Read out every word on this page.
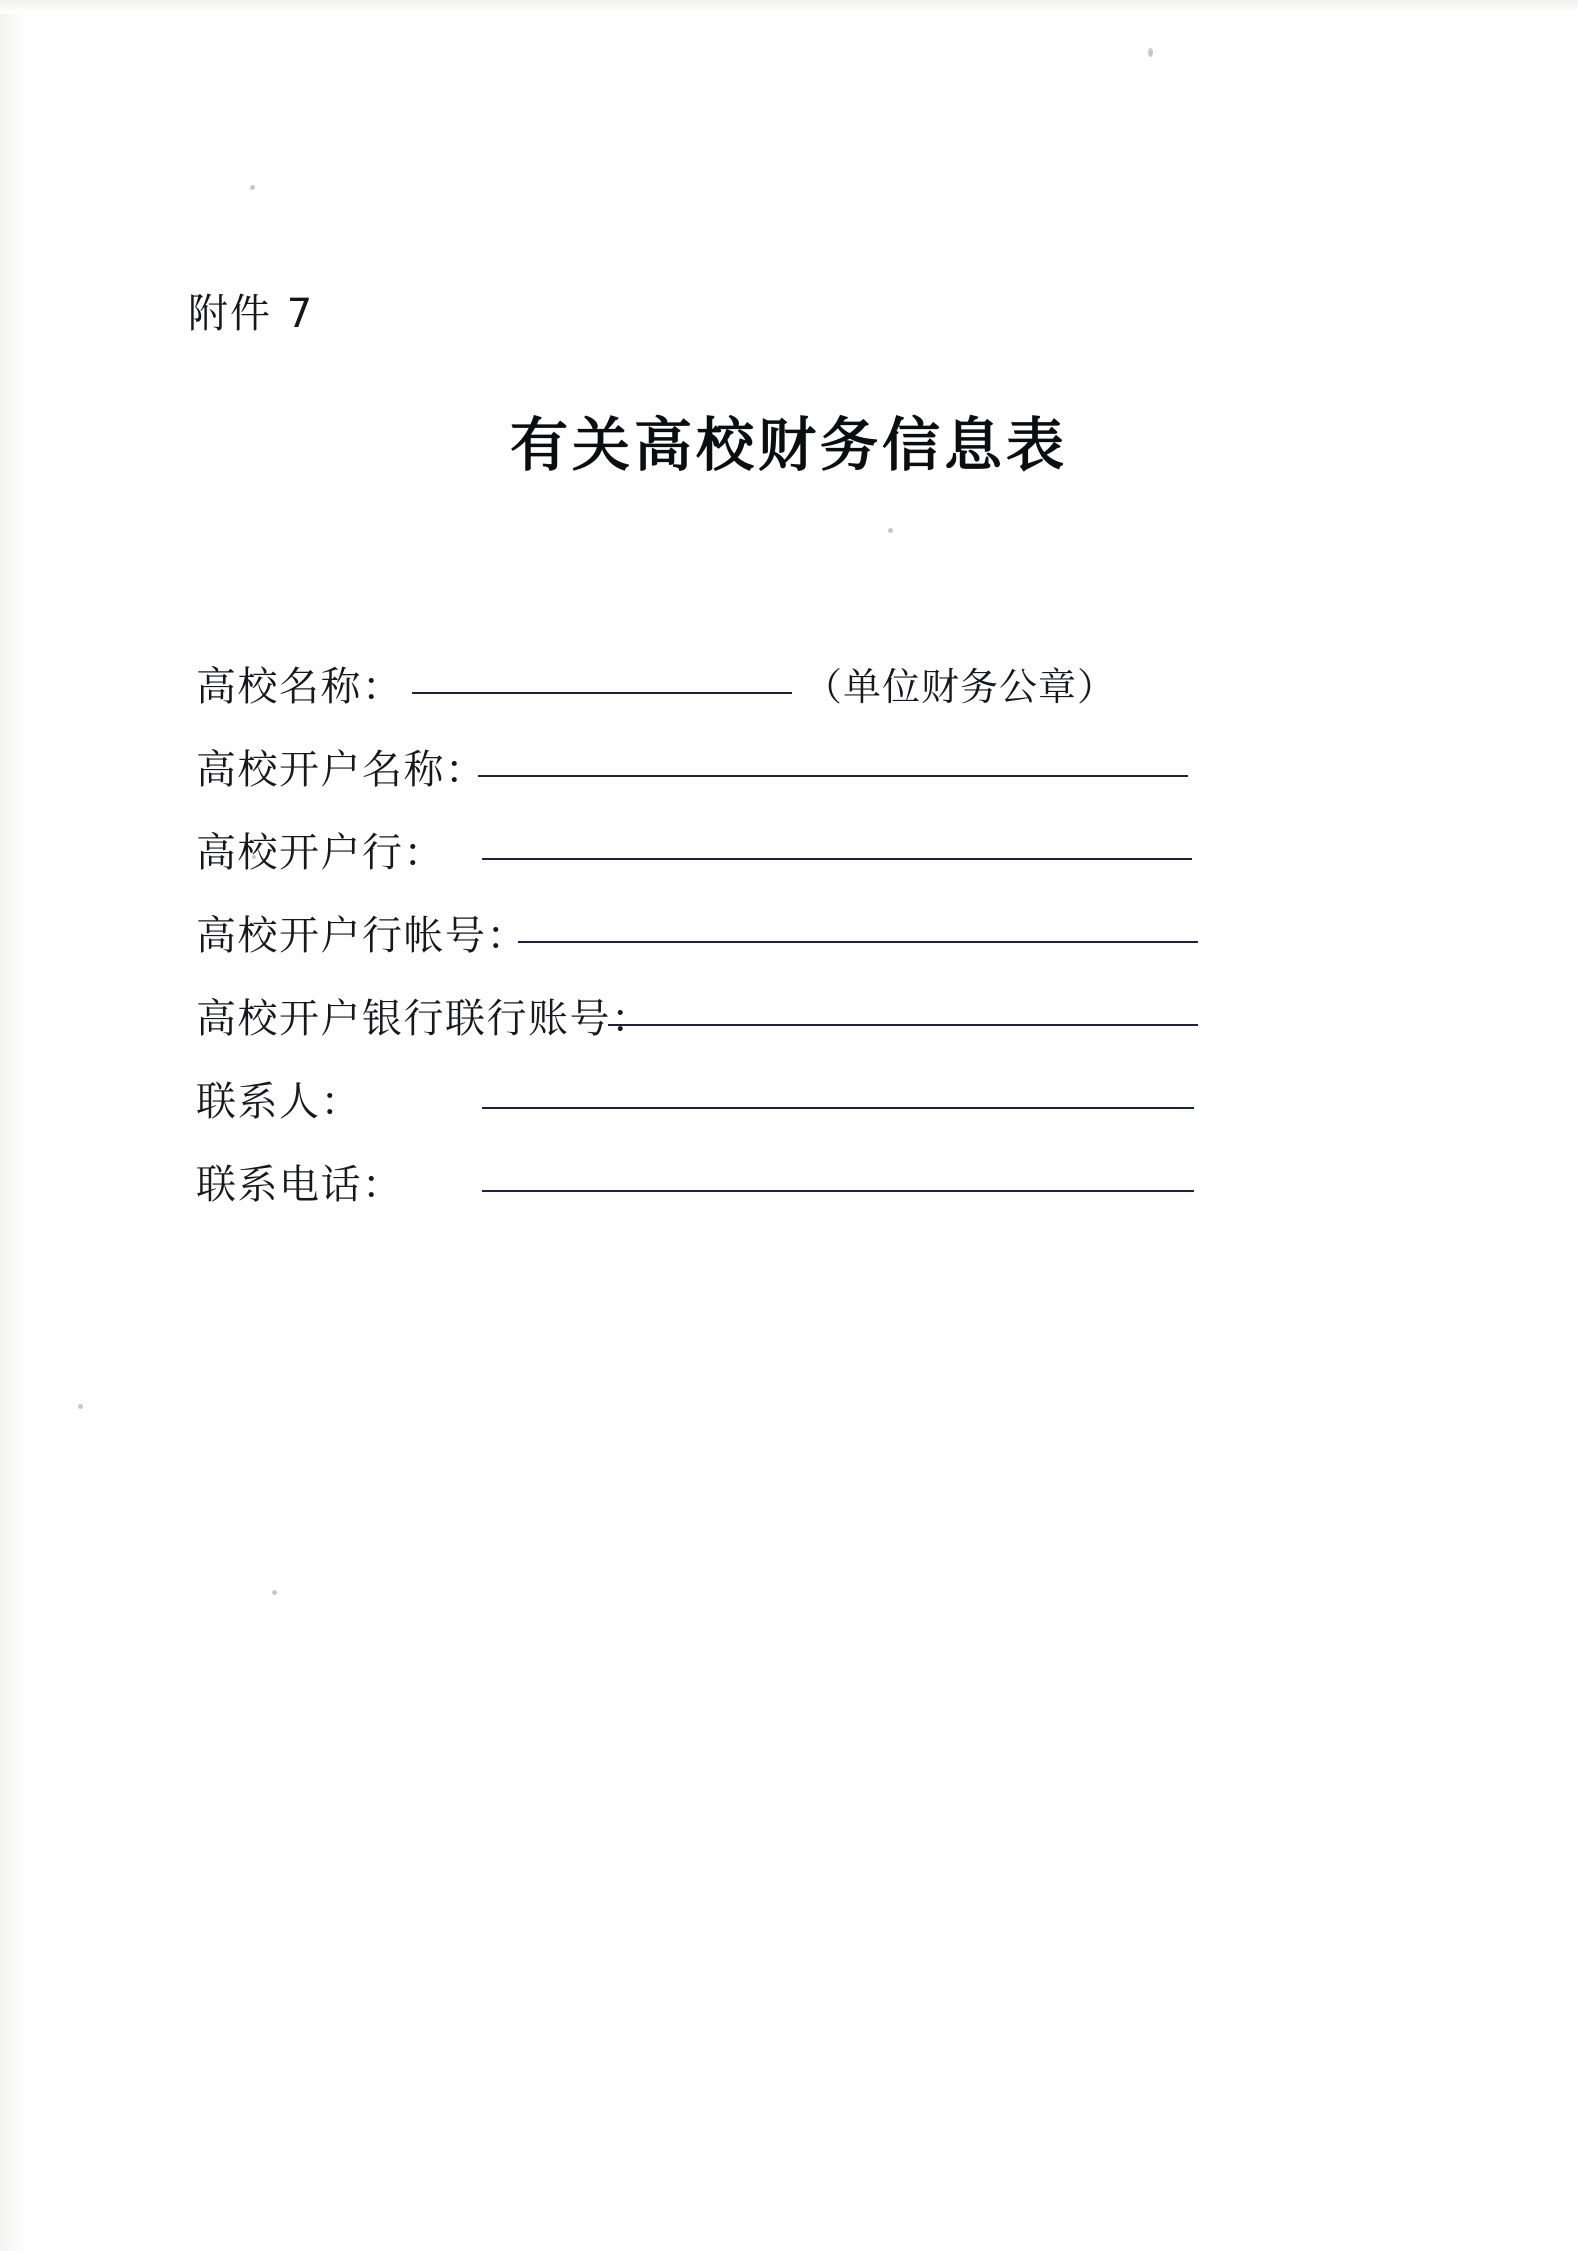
附件 7
有关高校财务信息表
高校名称：	（单位财务公章）
高校开户名称：
高校开户行：
高校开户行帐号：
高校开户银行联行账号：
联系人：
联系电话：
